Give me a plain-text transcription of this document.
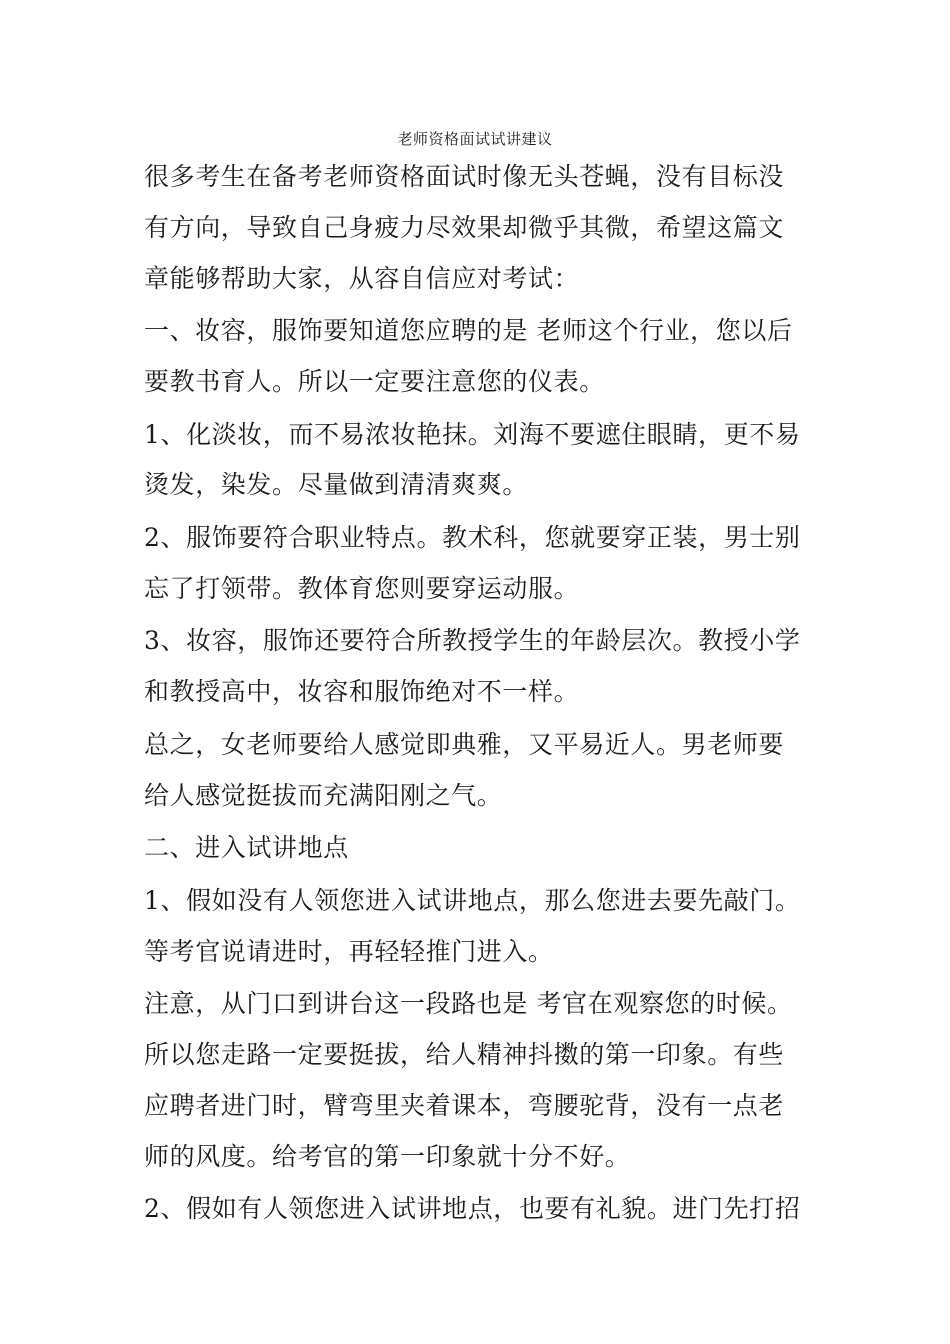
老师资格面试试讲建议

很多考生在备考老师资格面试时像无头苍蝇，没有目标没有方向，导致自己身疲力尽效果却微乎其微，希望这篇文章能够帮助大家，从容自信应对考试：

一、妆容，服饰要知道您应聘的是 老师这个行业，您以后要教书育人。所以一定要注意您的仪表。

1、化淡妆，而不易浓妆艳抹。刘海不要遮住眼睛，更不易烫发，染发。尽量做到清清爽爽。

2、服饰要符合职业特点。教术科，您就要穿正装，男士别忘了打领带。教体育您则要穿运动服。

3、妆容，服饰还要符合所教授学生的年龄层次。教授小学和教授高中，妆容和服饰绝对不一样。

总之，女老师要给人感觉即典雅，又平易近人。男老师要给人感觉挺拔而充满阳刚之气。

二、进入试讲地点

1、假如没有人领您进入试讲地点，那么您进去要先敲门。等考官说请进时，再轻轻推门进入。

注意，从门口到讲台这一段路也是 考官在观察您的时候。所以您走路一定要挺拔，给人精神抖擞的第一印象。有些应聘者进门时，臂弯里夹着课本，弯腰驼背，没有一点老师的风度。给考官的第一印象就十分不好。

2、假如有人领您进入试讲地点，也要有礼貌。进门先打招
